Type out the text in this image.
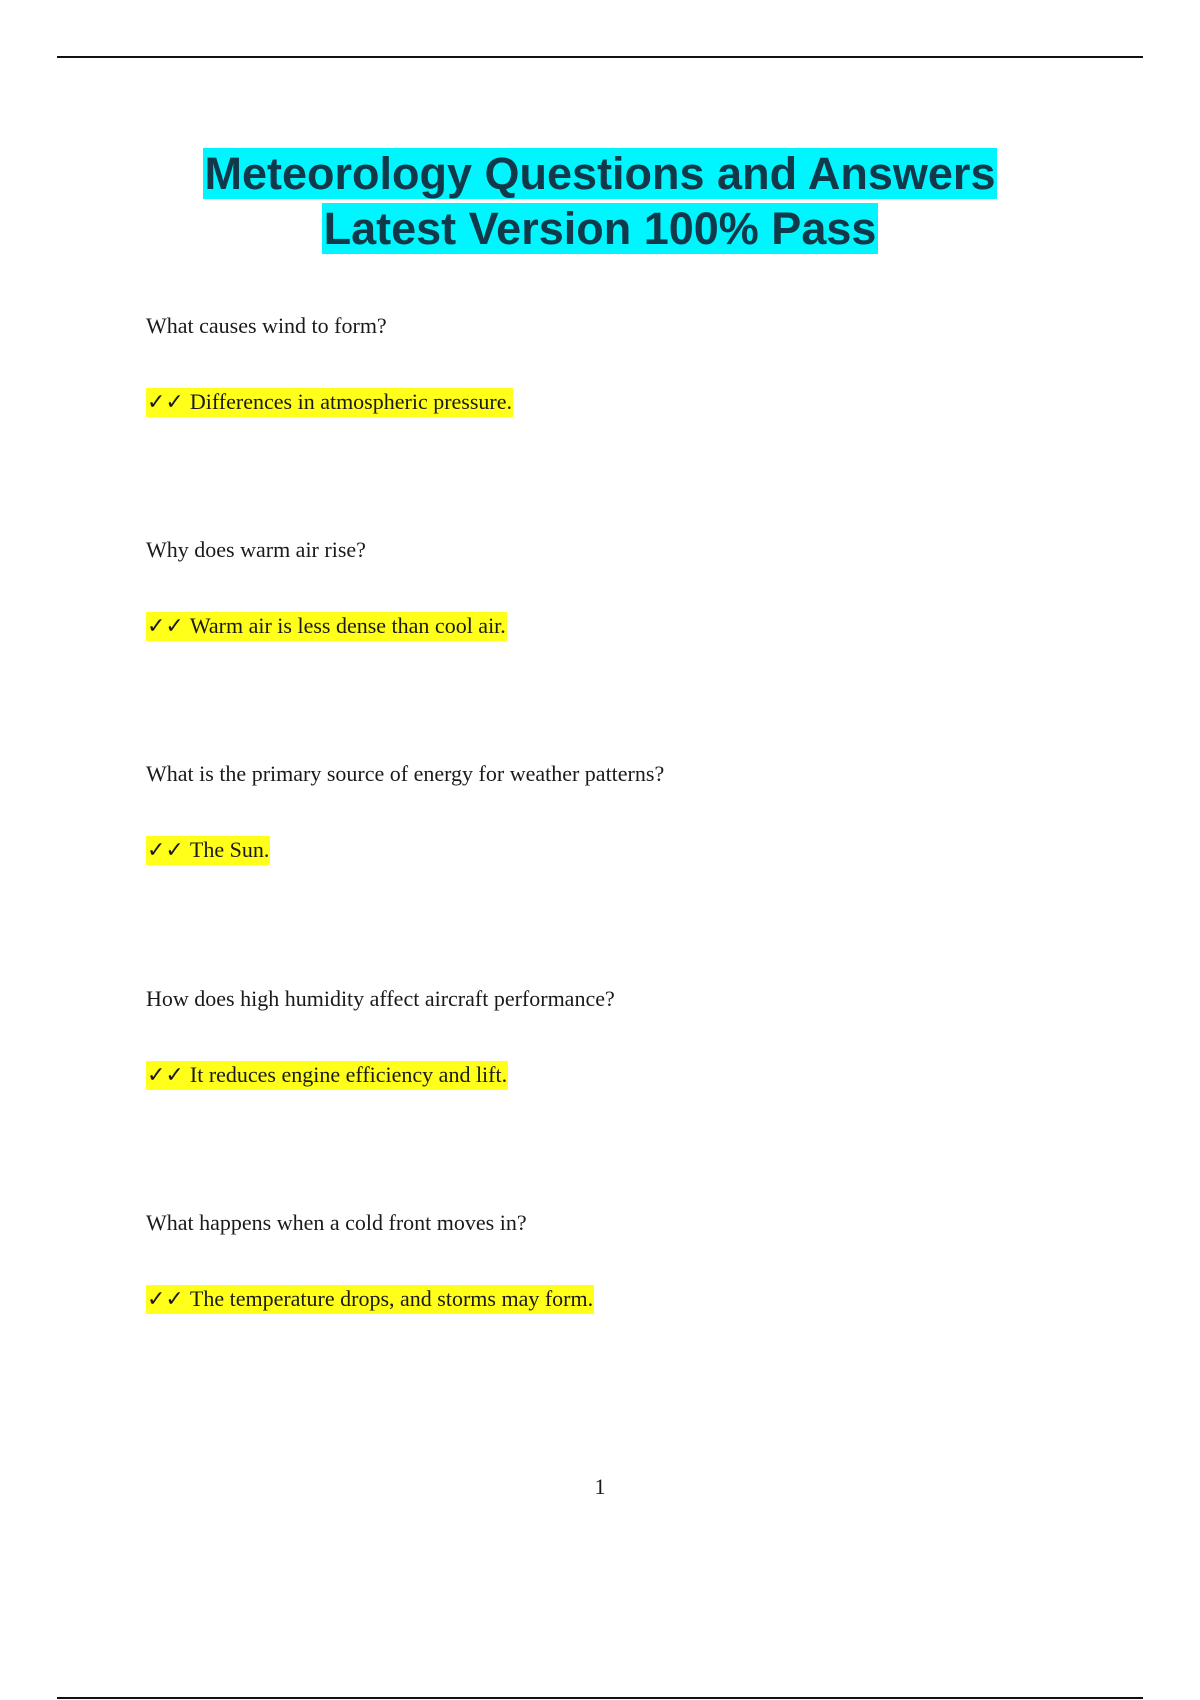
Meteorology Questions and Answers
Latest Version 100% Pass

What causes wind to form?

✓✓ Differences in atmospheric pressure.

Why does warm air rise?

✓✓ Warm air is less dense than cool air.

What is the primary source of energy for weather patterns?

✓✓ The Sun.

How does high humidity affect aircraft performance?

✓✓ It reduces engine efficiency and lift.

What happens when a cold front moves in?

✓✓ The temperature drops, and storms may form.
1
